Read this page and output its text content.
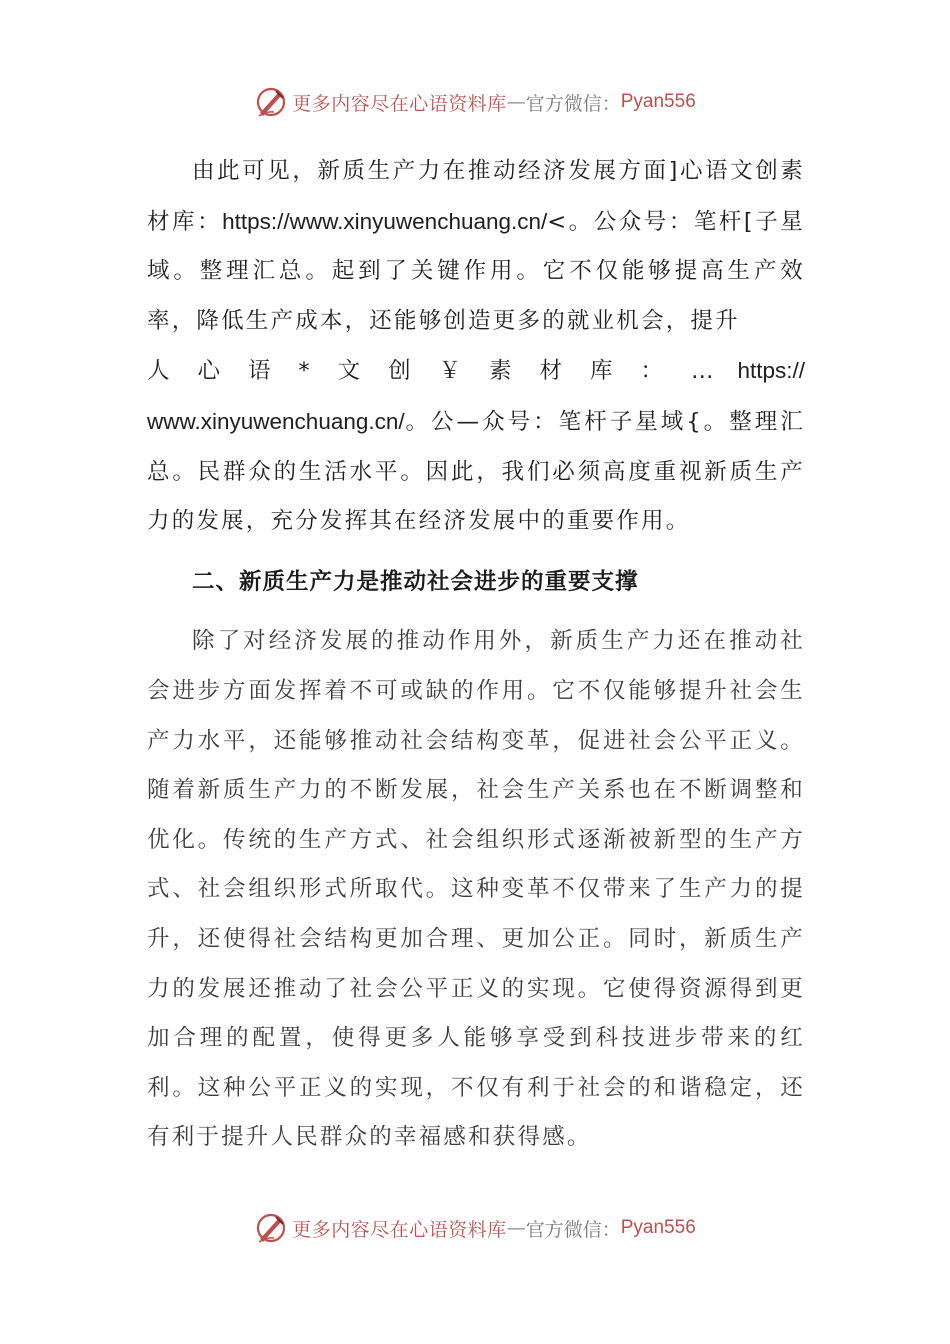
更多内容尽在心语资料库 — 官方微信： Pyan556

由此可见，新质生产力在推动经济发展方面]心语文创素材库：https://www.xinyuwenchuang.cn/<。公众号：笔杆[子星域。整理汇总。起到了关键作用。它不仅能够提高生产效率，降低生产成本，还能够创造更多的就业机会，提升

人心语*文创￥素材库：…https://

www.xinyuwenchuang.cn/。公—众号：笔杆子星域{。整理汇总。民群众的生活水平。因此，我们必须高度重视新质生产力的发展，充分发挥其在经济发展中的重要作用。

二、新质生产力是推动社会进步的重要支撑

除了对经济发展的推动作用外，新质生产力还在推动社会进步方面发挥着不可或缺的作用。它不仅能够提升社会生产力水平，还能够推动社会结构变革，促进社会公平正义。随着新质生产力的不断发展，社会生产关系也在不断调整和优化。传统的生产方式、社会组织形式逐渐被新型的生产方式、社会组织形式所取代。这种变革不仅带来了生产力的提升，还使得社会结构更加合理、更加公正。同时，新质生产力的发展还推动了社会公平正义的实现。它使得资源得到更加合理的配置，使得更多人能够享受到科技进步带来的红利。这种公平正义的实现，不仅有利于社会的和谐稳定，还有利于提升人民群众的幸福感和获得感。

更多内容尽在心语资料库 — 官方微信： Pyan556
